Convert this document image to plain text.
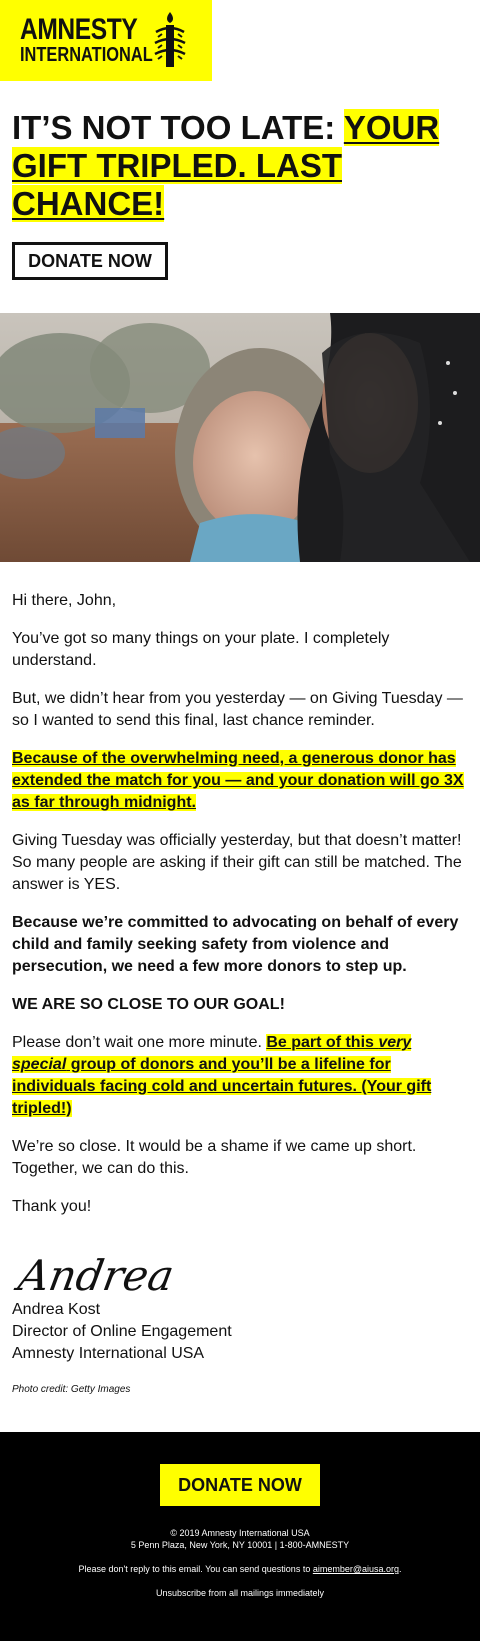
AMNESTY
INTERNATIONAL
IT’S NOT TOO LATE: YOUR GIFT TRIPLED. LAST CHANCE!
DONATE NOW

Hi there, John,

You’ve got so many things on your plate. I completely understand.

But, we didn’t hear from you yesterday — on Giving Tuesday — so I wanted to send this final, last chance reminder.

Because of the overwhelming need, a generous donor has extended the match for you — and your donation will go 3X as far through midnight.

Giving Tuesday was officially yesterday, but that doesn’t matter! So many people are asking if their gift can still be matched. The answer is YES.

Because we’re committed to advocating on behalf of every child and family seeking safety from violence and persecution, we need a few more donors to step up.

WE ARE SO CLOSE TO OUR GOAL!

Please don’t wait one more minute. Be part of this very special group of donors and you’ll be a lifeline for individuals facing cold and uncertain futures. (Your gift tripled!)

We’re so close. It would be a shame if we came up short. Together, we can do this.

Thank you!

Andrea

Andrea Kost

Director of Online Engagement

Amnesty International USA

Photo credit: Getty Images

DONATE NOW

© 2019 Amnesty International USA

5 Penn Plaza, New York, NY 10001 | 1-800-AMNESTY

Please don't reply to this email. You can send questions to aimember@aiusa.org.

Unsubscribe from all mailings immediately
